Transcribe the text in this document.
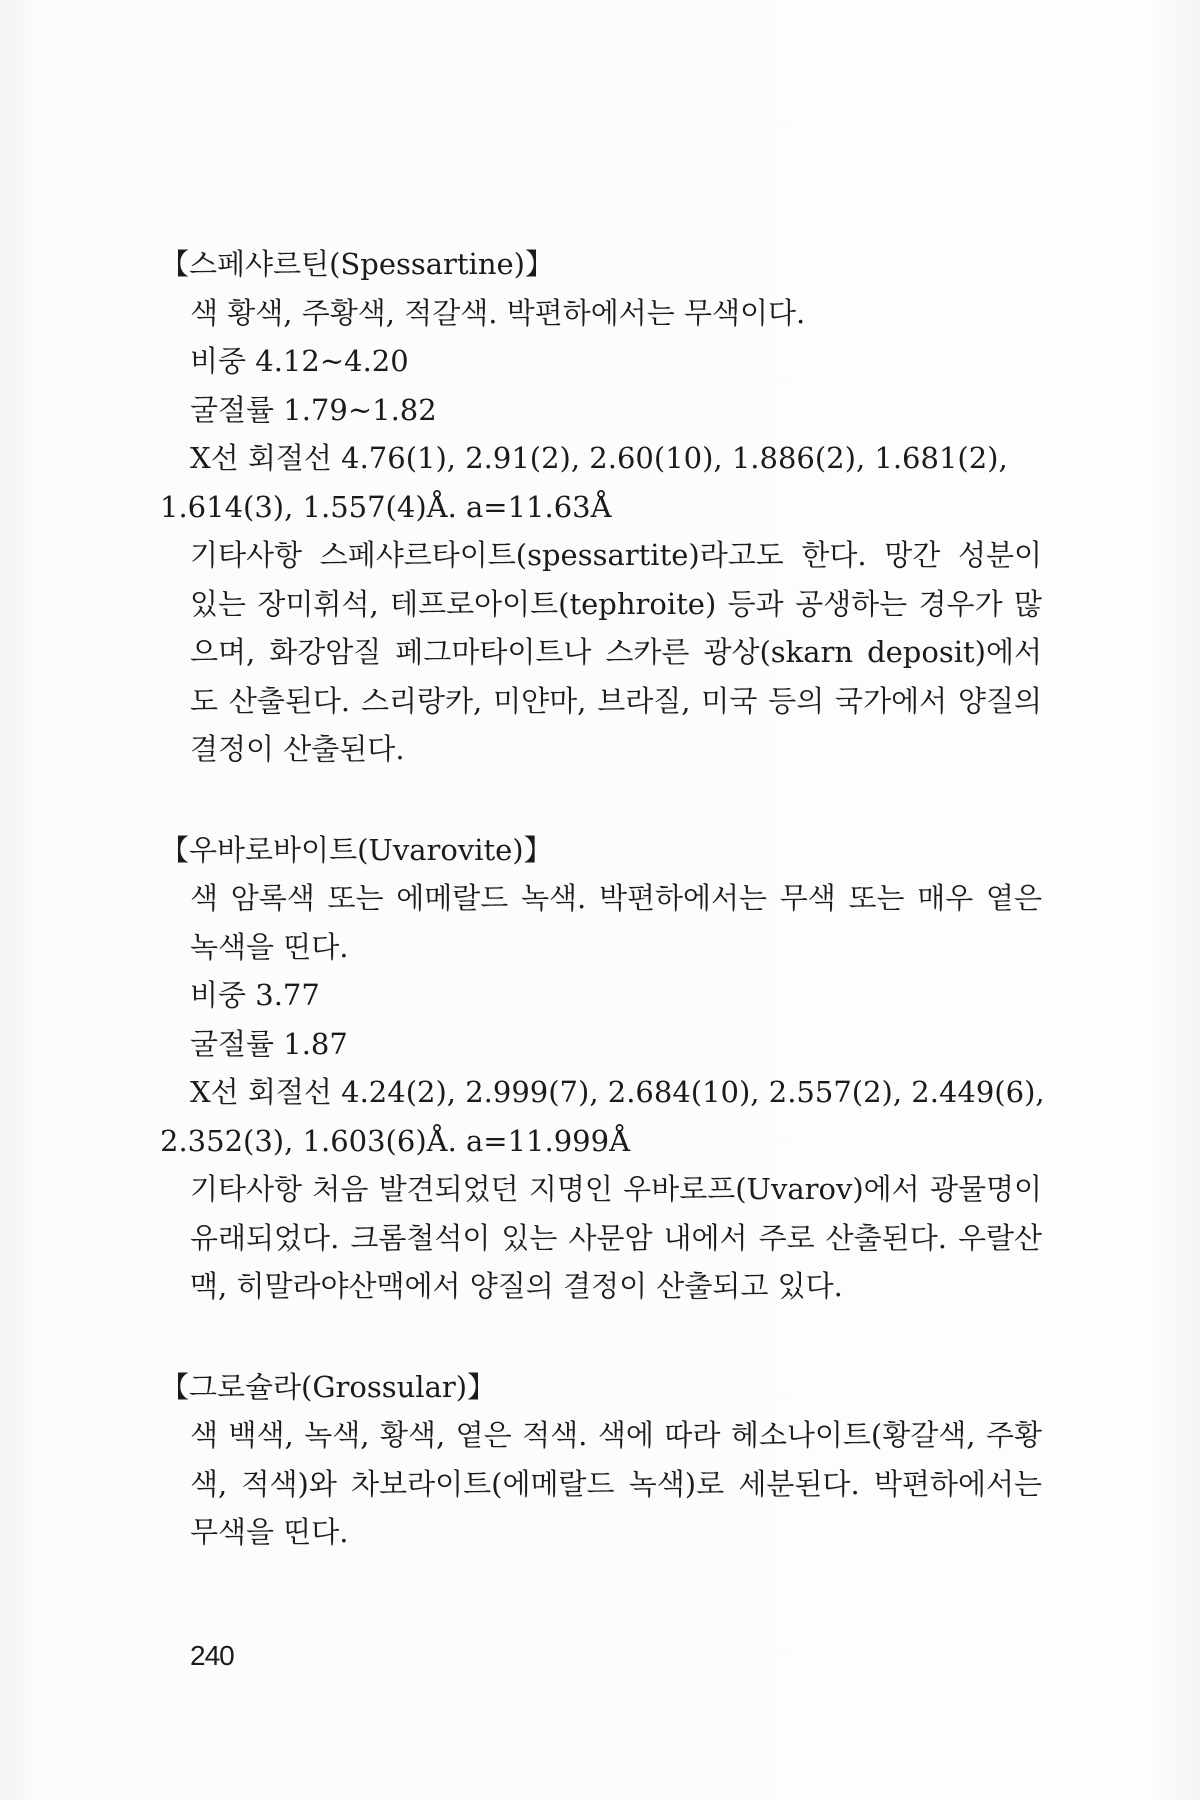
【스페샤르틴(Spessartine)】

색 황색, 주황색, 적갈색. 박편하에서는 무색이다.

비중 4.12~4.20

굴절률 1.79~1.82

X선 회절선 4.76(1), 2.91(2), 2.60(10), 1.886(2), 1.681(2),

1.614(3), 1.557(4)Å. a=11.63Å

기타사항 스페샤르타이트(spessartite)라고도 한다. 망간 성분이 있는 장미휘석, 테프로아이트(tephroite) 등과 공생하는 경우가 많으며, 화강암질 페그마타이트나 스카른 광상(skarn deposit)에서도 산출된다. 스리랑카, 미얀마, 브라질, 미국 등의 국가에서 양질의 결정이 산출된다.

【우바로바이트(Uvarovite)】

색 암록색 또는 에메랄드 녹색. 박편하에서는 무색 또는 매우 옅은 녹색을 띤다.

비중 3.77

굴절률 1.87

X선 회절선 4.24(2), 2.999(7), 2.684(10), 2.557(2), 2.449(6),

2.352(3), 1.603(6)Å. a=11.999Å

기타사항 처음 발견되었던 지명인 우바로프(Uvarov)에서 광물명이 유래되었다. 크롬철석이 있는 사문암 내에서 주로 산출된다. 우랄산맥, 히말라야산맥에서 양질의 결정이 산출되고 있다.

【그로슐라(Grossular)】

색 백색, 녹색, 황색, 옅은 적색. 색에 따라 헤소나이트(황갈색, 주황색, 적색)와 차보라이트(에메랄드 녹색)로 세분된다. 박편하에서는 무색을 띤다.

240
